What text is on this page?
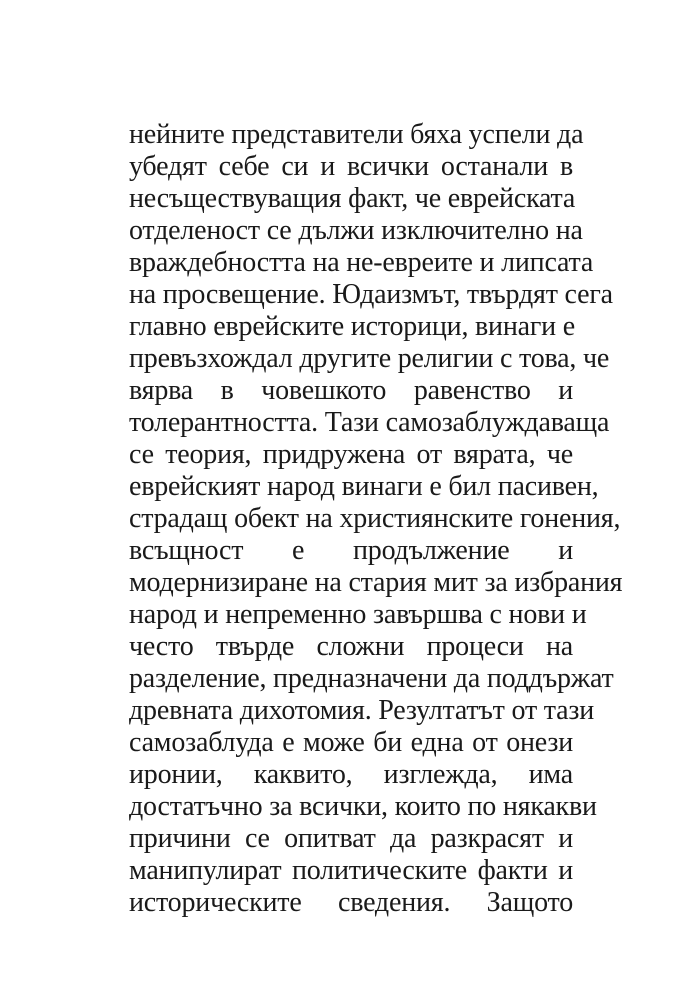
нейните представители бяха успели да
убедят себе си и всички останали в
несъществуващия факт, че еврейската
отделеност се дължи изключително на
враждебността на не-евреите и липсата
на просвещение. Юдаизмът, твърдят сега
главно еврейските историци, винаги е
превъзхождал другите религии с това, че
вярва в човешкото равенство и
толерантността. Тази самозаблуждаваща
се теория, придружена от вярата, че
еврейският народ винаги е бил пасивен,
страдащ обект на християнските гонения,
всъщност е продължение и
модернизиране на стария мит за избрания
народ и непременно завършва с нови и
често твърде сложни процеси на
разделение, предназначени да поддържат
древната дихотомия. Резултатът от тази
самозаблуда е може би една от онези
иронии, каквито, изглежда, има
достатъчно за всички, които по някакви
причини се опитват да разкрасят и
манипулират политическите факти и
историческите сведения. Защото
